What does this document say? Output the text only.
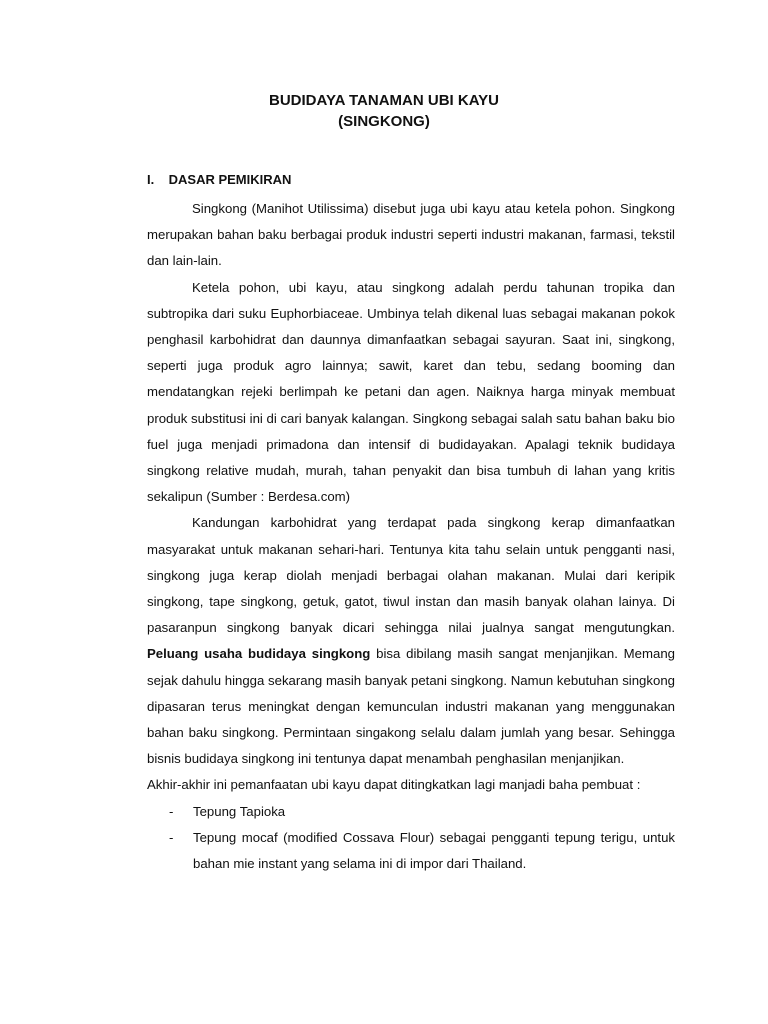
BUDIDAYA TANAMAN UBI KAYU
(SINGKONG)
I. DASAR PEMIKIRAN

Singkong (Manihot Utilissima) disebut juga ubi kayu atau ketela pohon. Singkong merupakan bahan baku berbagai produk industri seperti industri makanan, farmasi, tekstil dan lain-lain.

Ketela pohon, ubi kayu, atau singkong adalah perdu tahunan tropika dan subtropika dari suku Euphorbiaceae. Umbinya telah dikenal luas sebagai makanan pokok penghasil karbohidrat dan daunnya dimanfaatkan sebagai sayuran. Saat ini, singkong, seperti juga produk agro lainnya; sawit, karet dan tebu, sedang booming dan mendatangkan rejeki berlimpah ke petani dan agen. Naiknya harga minyak membuat produk substitusi ini di cari banyak kalangan. Singkong sebagai salah satu bahan baku bio fuel juga menjadi primadona dan intensif di budidayakan. Apalagi teknik budidaya singkong relative mudah, murah, tahan penyakit dan bisa tumbuh di lahan yang kritis sekalipun (Sumber : Berdesa.com)

Kandungan karbohidrat yang terdapat pada singkong kerap dimanfaatkan masyarakat untuk makanan sehari-hari. Tentunya kita tahu selain untuk pengganti nasi, singkong juga kerap diolah menjadi berbagai olahan makanan. Mulai dari keripik singkong, tape singkong, getuk, gatot, tiwul instan dan masih banyak olahan lainya. Di pasaranpun singkong banyak dicari sehingga nilai jualnya sangat mengutungkan. Peluang usaha budidaya singkong bisa dibilang masih sangat menjanjikan. Memang sejak dahulu hingga sekarang masih banyak petani singkong. Namun kebutuhan singkong dipasaran terus meningkat dengan kemunculan industri makanan yang menggunakan bahan baku singkong. Permintaan singakong selalu dalam jumlah yang besar. Sehingga bisnis budidaya singkong ini tentunya dapat menambah penghasilan menjanjikan.

Akhir-akhir ini pemanfaatan ubi kayu dapat ditingkatkan lagi manjadi baha pembuat :

- Tepung Tapioka
- Tepung mocaf (modified Cossava Flour) sebagai pengganti tepung terigu, untuk bahan mie instant yang selama ini di impor dari Thailand.
